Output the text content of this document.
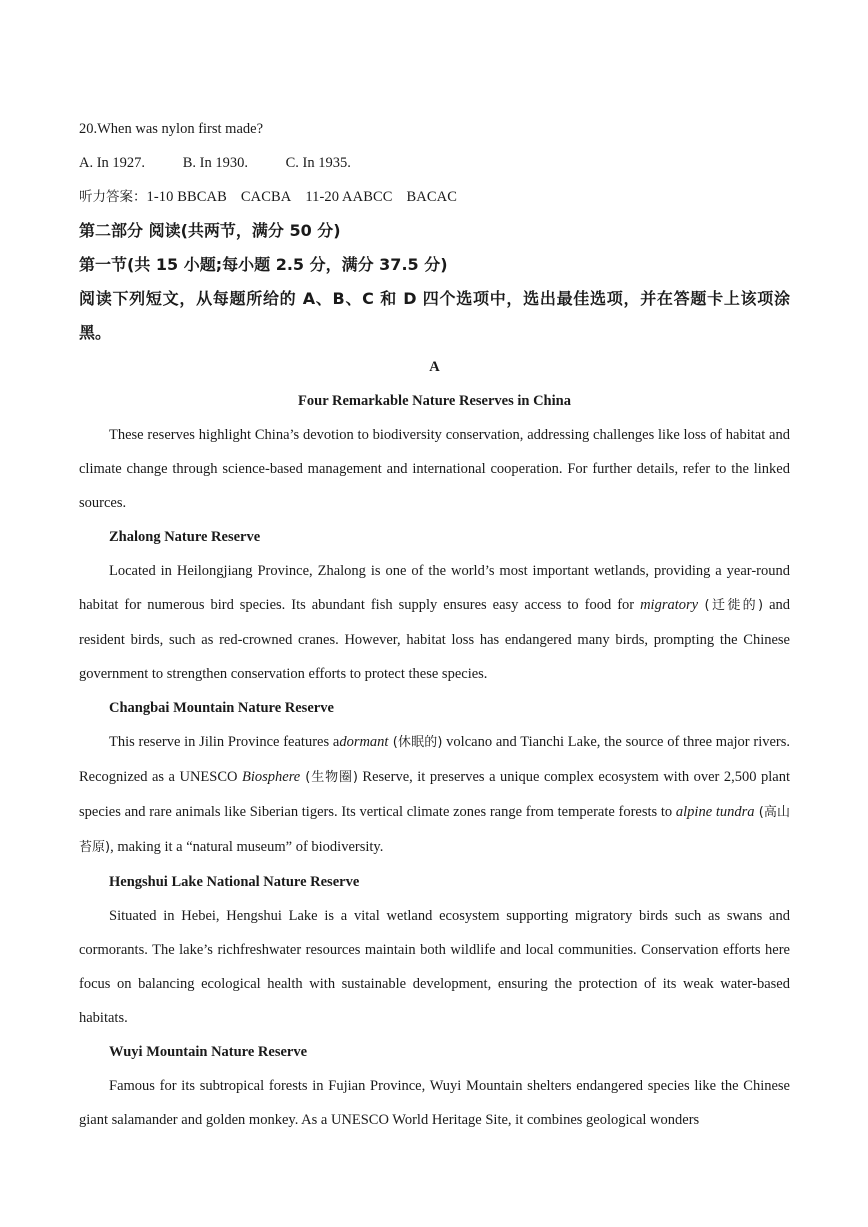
20.When was nylon first made?
A. In 1927.	B. In 1930.	C. In 1935.
听力答案：1-10 BBCAB CACBA 11-20 AABCC BACAC
第二部分 阅读(共两节，满分 50 分)
第一节(共 15 小题;每小题 2.5 分，满分 37.5 分)
阅读下列短文，从每题所给的 A、B、C 和 D 四个选项中，选出最佳选项，并在答题卡上该项涂黑。
A
Four Remarkable Nature Reserves in China

These reserves highlight China’s devotion to biodiversity conservation, addressing challenges like loss of habitat and climate change through science-based management and international cooperation. For further details, refer to the linked sources.

Zhalong Nature Reserve

Located in Heilongjiang Province, Zhalong is one of the world’s most important wetlands, providing a year-round habitat for numerous bird species. Its abundant fish supply ensures easy access to food for migratory (迁徙的) and resident birds, such as red-crowned cranes. However, habitat loss has endangered many birds, prompting the Chinese government to strengthen conservation efforts to protect these species.

Changbai Mountain Nature Reserve

This reserve in Jilin Province features adormant (休眠的) volcano and Tianchi Lake, the source of three major rivers. Recognized as a UNESCO Biosphere (生物圈) Reserve, it preserves a unique complex ecosystem with over 2,500 plant species and rare animals like Siberian tigers. Its vertical climate zones range from temperate forests to alpine tundra (高山苔原), making it a “natural museum” of biodiversity.

Hengshui Lake National Nature Reserve

Situated in Hebei, Hengshui Lake is a vital wetland ecosystem supporting migratory birds such as swans and cormorants. The lake’s richfreshwater resources maintain both wildlife and local communities. Conservation efforts here focus on balancing ecological health with sustainable development, ensuring the protection of its weak water-based habitats.

Wuyi Mountain Nature Reserve

Famous for its subtropical forests in Fujian Province, Wuyi Mountain shelters endangered species like the Chinese giant salamander and golden monkey. As a UNESCO World Heritage Site, it combines geological wonders
